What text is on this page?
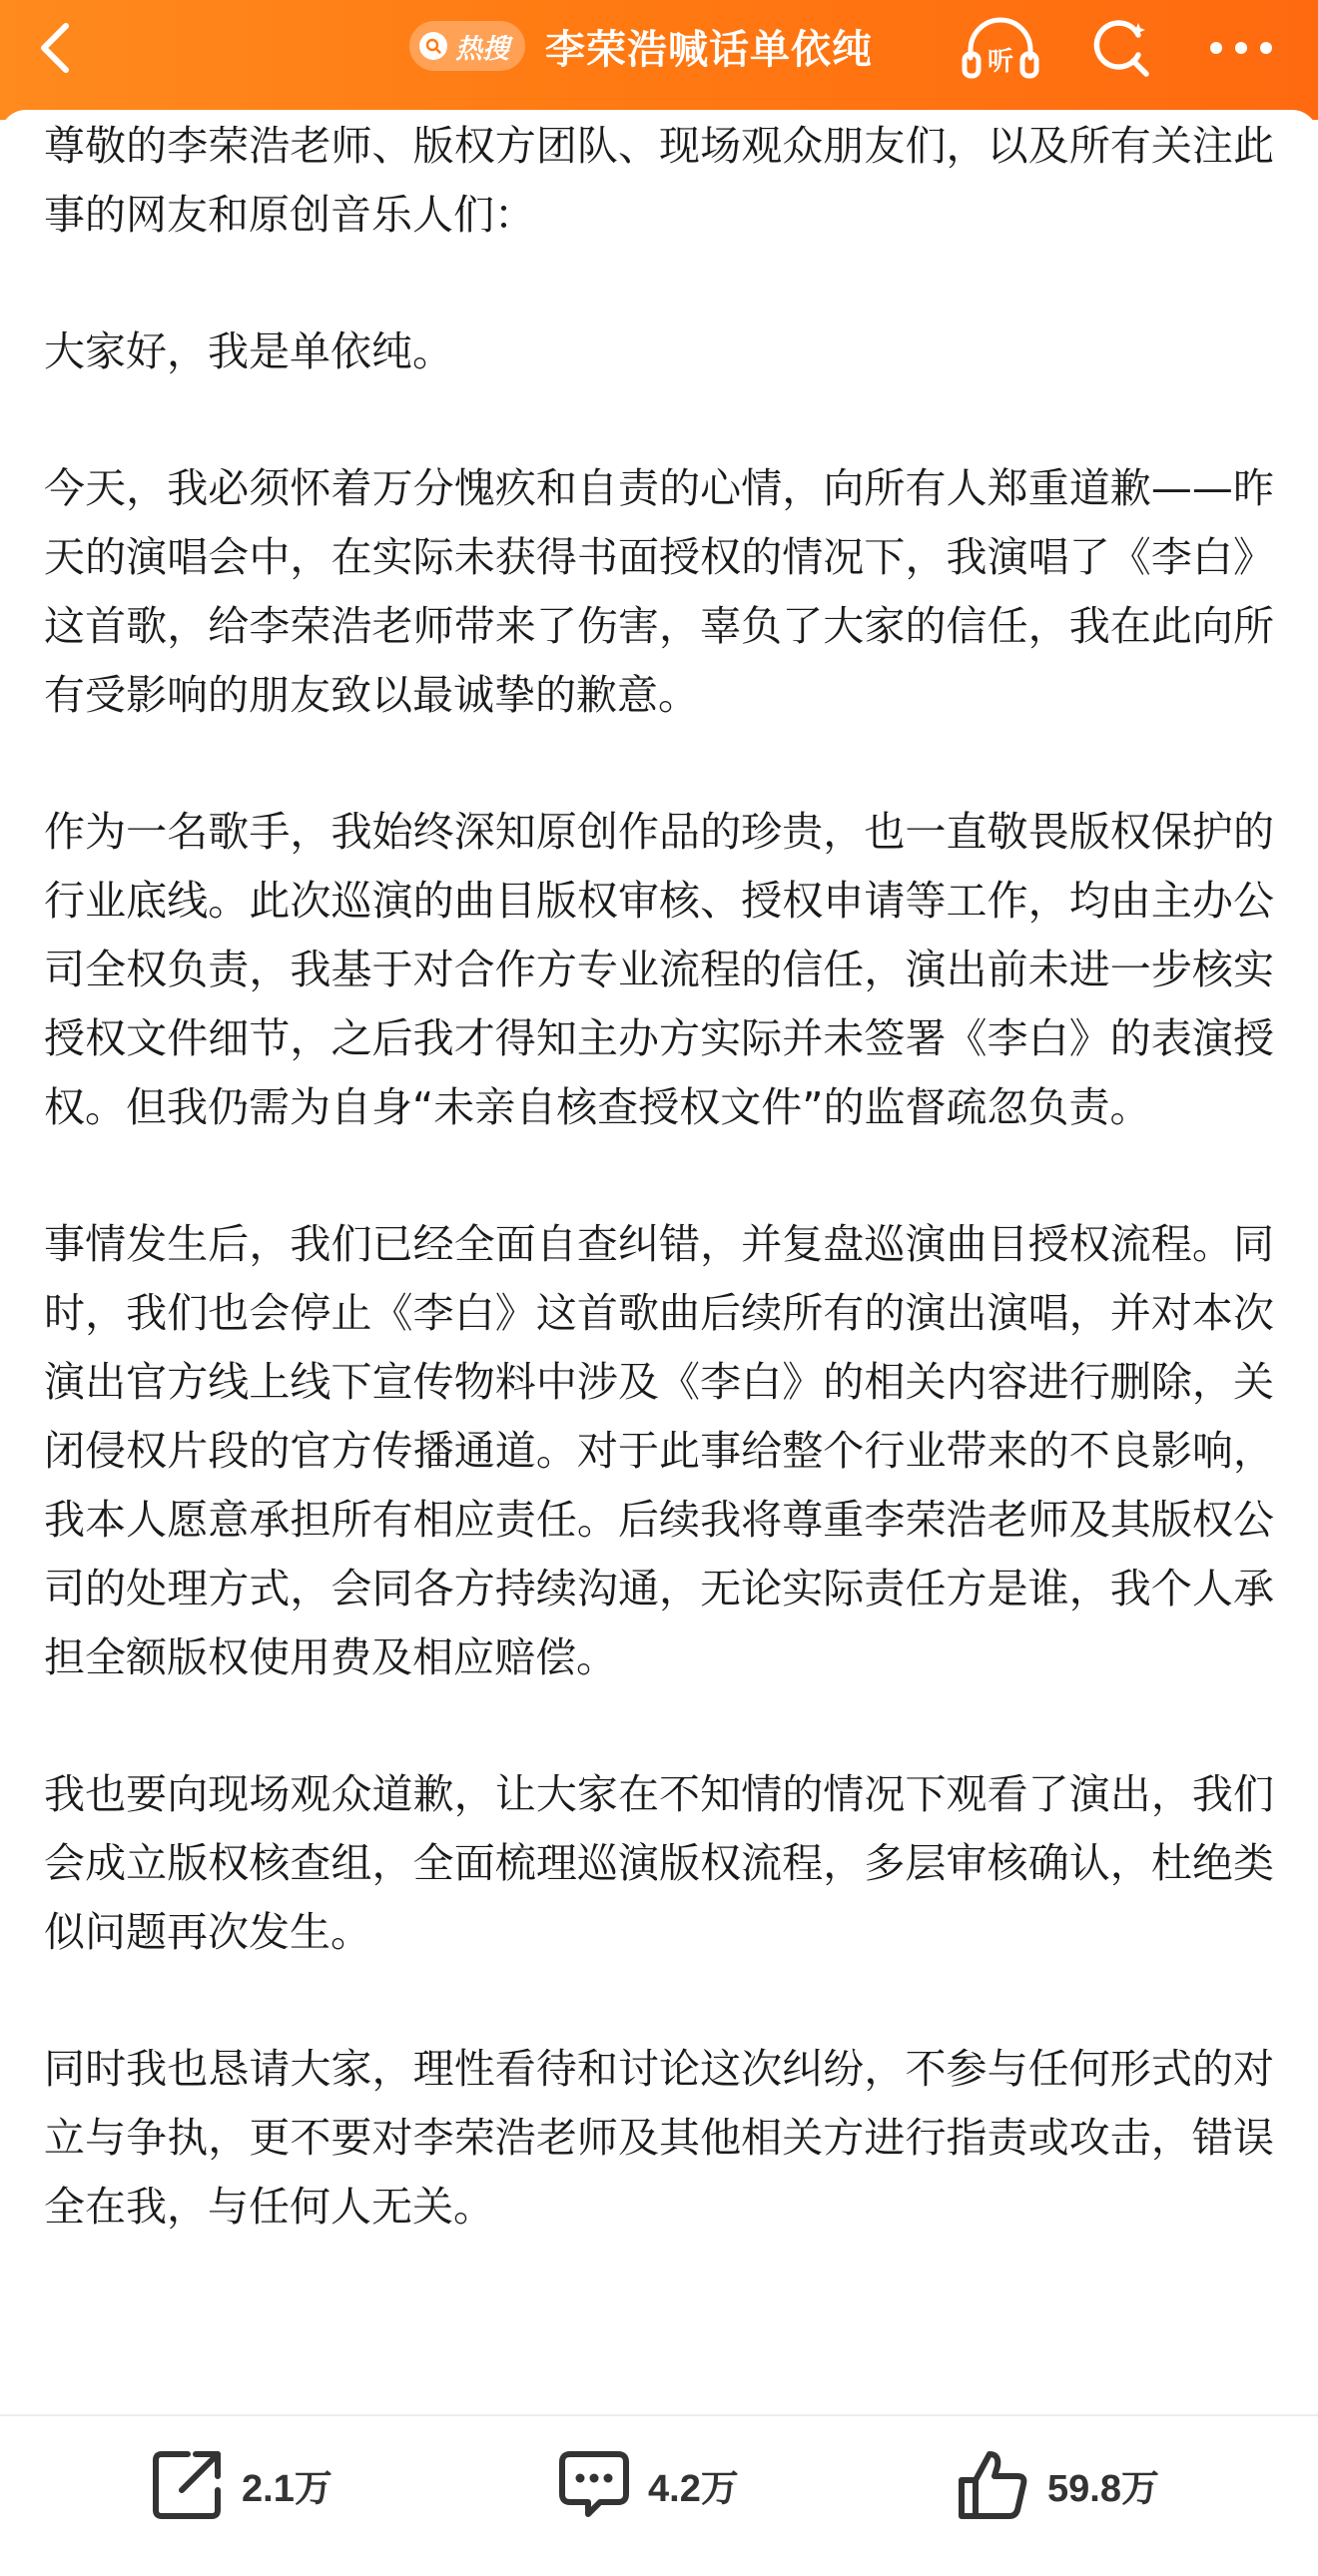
热搜 李荣浩喊话单依纯	听

尊敬的李荣浩老师、版权方团队、现场观众朋友们，以及所有关注此事的网友和原创音乐人们：

大家好，我是单依纯。

今天，我必须怀着万分愧疚和自责的心情，向所有人郑重道歉——昨天的演唱会中，在实际未获得书面授权的情况下，我演唱了《李白》这首歌，给李荣浩老师带来了伤害，辜负了大家的信任，我在此向所有受影响的朋友致以最诚挚的歉意。

作为一名歌手，我始终深知原创作品的珍贵，也一直敬畏版权保护的行业底线。此次巡演的曲目版权审核、授权申请等工作，均由主办公司全权负责，我基于对合作方专业流程的信任，演出前未进一步核实授权文件细节，之后我才得知主办方实际并未签署《李白》的表演授权。但我仍需为自身“未亲自核查授权文件”的监督疏忽负责。

事情发生后，我们已经全面自查纠错，并复盘巡演曲目授权流程。同时，我们也会停止《李白》这首歌曲后续所有的演出演唱，并对本次演出官方线上线下宣传物料中涉及《李白》的相关内容进行删除，关闭侵权片段的官方传播通道。对于此事给整个行业带来的不良影响，我本人愿意承担所有相应责任。后续我将尊重李荣浩老师及其版权公司的处理方式，会同各方持续沟通，无论实际责任方是谁，我个人承担全额版权使用费及相应赔偿。

我也要向现场观众道歉，让大家在不知情的情况下观看了演出，我们会成立版权核查组，全面梳理巡演版权流程，多层审核确认，杜绝类似问题再次发生。

同时我也恳请大家，理性看待和讨论这次纠纷，不参与任何形式的对立与争执，更不要对李荣浩老师及其他相关方进行指责或攻击，错误全在我，与任何人无关。

2.1万	4.2万	59.8万
